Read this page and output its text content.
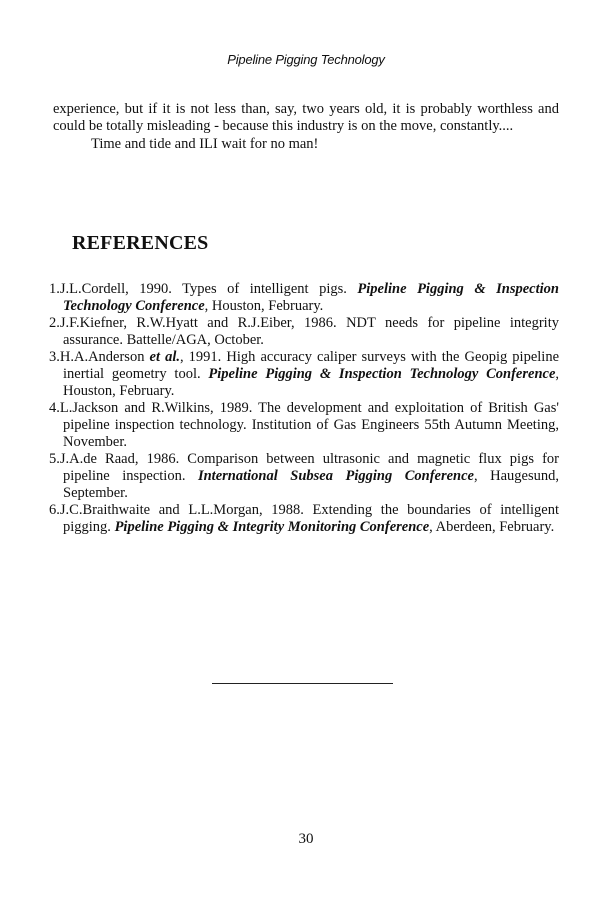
Pipeline Pigging Technology

experience, but if it is not less than, say, two years old, it is probably worthless and could be totally misleading - because this industry is on the move, constantly....

Time and tide and ILI wait for no man!

REFERENCES
1.J.L.Cordell, 1990. Types of intelligent pigs. Pipeline Pigging & Inspection Technology Conference, Houston, February.
2.J.F.Kiefner, R.W.Hyatt and R.J.Eiber, 1986. NDT needs for pipeline integrity assurance. Battelle/AGA, October.
3.H.A.Anderson et al., 1991. High accuracy caliper surveys with the Geopig pipeline inertial geometry tool. Pipeline Pigging & Inspection Technology Conference, Houston, February.
4.L.Jackson and R.Wilkins, 1989. The development and exploitation of British Gas' pipeline inspection technology. Institution of Gas Engineers 55th Autumn Meeting, November.
5.J.A.de Raad, 1986. Comparison between ultrasonic and magnetic flux pigs for pipeline inspection. International Subsea Pigging Conference, Haugesund, September.
6.J.C.Braithwaite and L.L.Morgan, 1988. Extending the boundaries of intelligent pigging. Pipeline Pigging & Integrity Monitoring Conference, Aberdeen, February.
30
